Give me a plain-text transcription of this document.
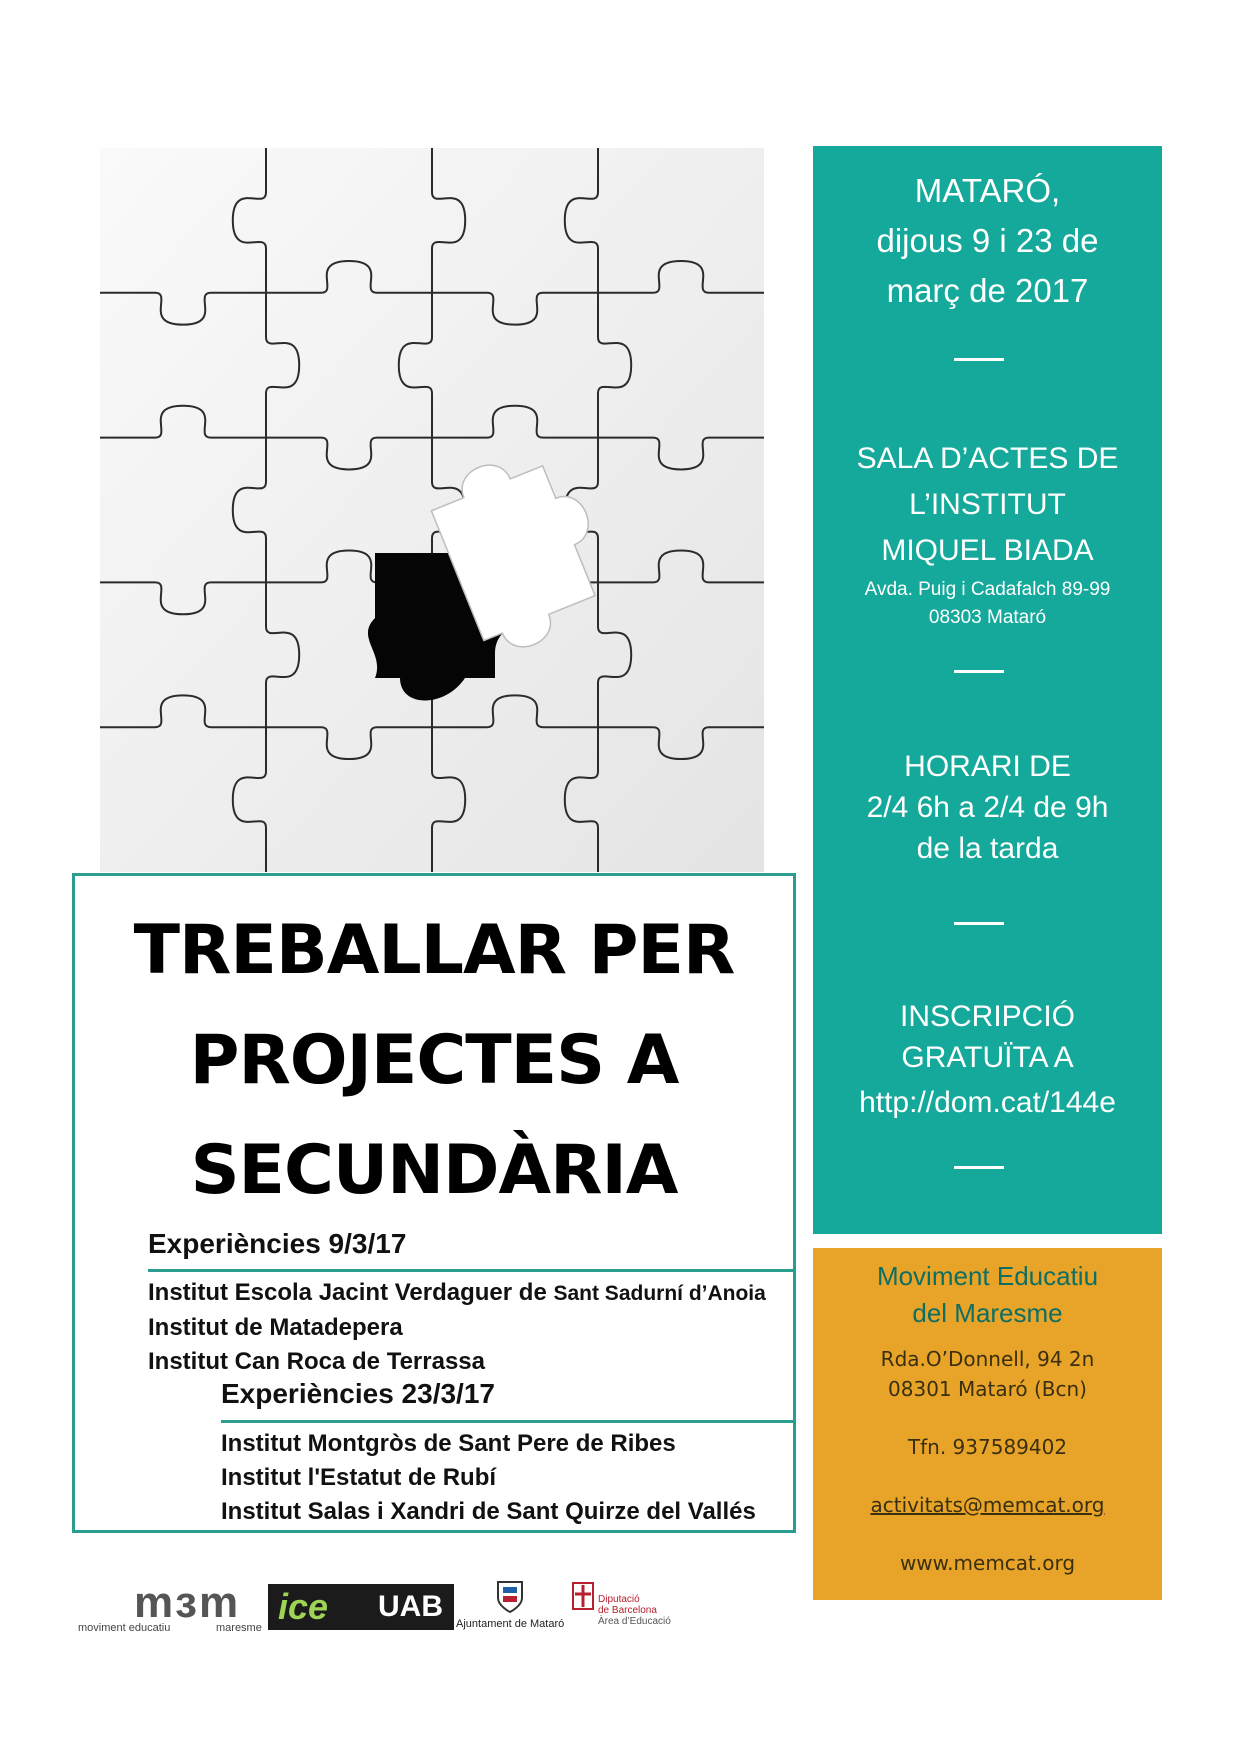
TREBALLAR PER
PROJECTES A
SECUNDÀRIA
Experiències 9/3/17
Institut Escola Jacint Verdaguer de Sant Sadurní d’Anoia
Institut de Matadepera
Institut Can Roca de Terrassa
Experiències 23/3/17
Institut Montgròs de Sant Pere de Ribes
Institut l'Estatut de Rubí
Institut Salas i Xandri de Sant Quirze del Vallés
MATARÓ,
dijous 9 i 23 de
març de 2017
SALA D’ACTES DE
L’INSTITUT
MIQUEL BIADA
Avda. Puig i Cadafalch 89-99
08303 Mataró
HORARI DE
2/4 6h a 2/4 de 9h
de la tarda
INSCRIPCIÓ
GRATUÏTA A
http://dom.cat/144e
Moviment Educatiu
del Maresme
Rda.O’Donnell, 94 2n
08301 Mataró (Bcn)
Tfn. 937589402
activitats@memcat.org
www.memcat.org
mɜm
moviment educatiu	maresme
ice UAB
Ajuntament de Mataró
Diputació
de Barcelona
Àrea d’Educació
